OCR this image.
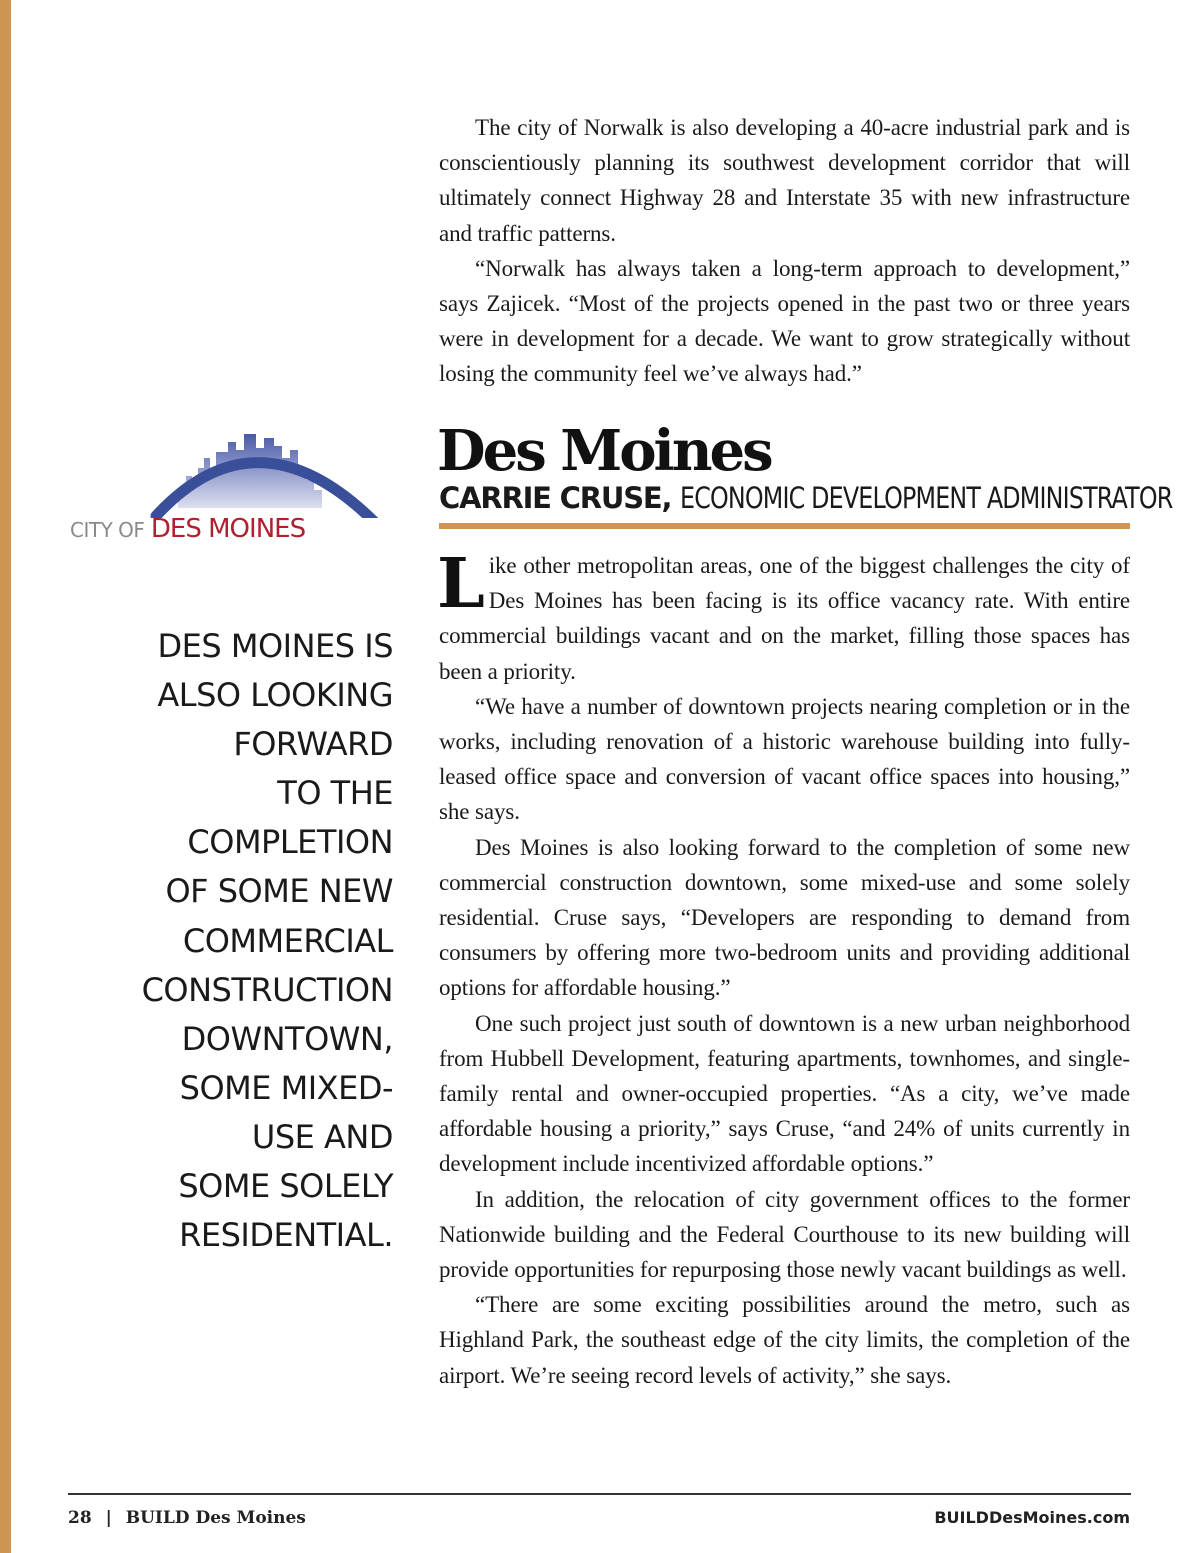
The city of Norwalk is also developing a 40-acre industrial park and is conscientiously planning its southwest development corridor that will ultimately connect Highway 28 and Interstate 35 with new infrastructure and traffic patterns.

“Norwalk has always taken a long-term approach to development,” says Zajicek. “Most of the projects opened in the past two or three years were in development for a decade. We want to grow strategically without losing the community feel we’ve always had.”

CITY OF DES MOINES
Des Moines
CARRIE CRUSE, ECONOMIC DEVELOPMENT ADMINISTRATOR
DES MOINES IS
ALSO LOOKING
FORWARD
TO THE
COMPLETION
OF SOME NEW
COMMERCIAL
CONSTRUCTION
DOWNTOWN,
SOME MIXED-
USE AND
SOME SOLELY
RESIDENTIAL.

Like other metropolitan areas, one of the biggest challenges the city of Des Moines has been facing is its office vacancy rate. With entire commercial buildings vacant and on the market, filling those spaces has been a priority.

“We have a number of downtown projects nearing completion or in the works, including renovation of a historic warehouse building into fully-leased office space and conversion of vacant office spaces into housing,” she says.

Des Moines is also looking forward to the completion of some new commercial construction downtown, some mixed-use and some solely residential. Cruse says, “Developers are responding to demand from consumers by offering more two-bedroom units and providing additional options for affordable housing.”

One such project just south of downtown is a new urban neighborhood from Hubbell Development, featuring apartments, townhomes, and single-family rental and owner-occupied properties. “As a city, we’ve made affordable housing a priority,” says Cruse, “and 24% of units currently in development include incentivized affordable options.”

In addition, the relocation of city government offices to the former Nationwide building and the Federal Courthouse to its new building will provide opportunities for repurposing those newly vacant buildings as well.

“There are some exciting possibilities around the metro, such as Highland Park, the southeast edge of the city limits, the completion of the airport. We’re seeing record levels of activity,” she says.

28 | BUILD Des Moines	BUILDDesMoines.com
